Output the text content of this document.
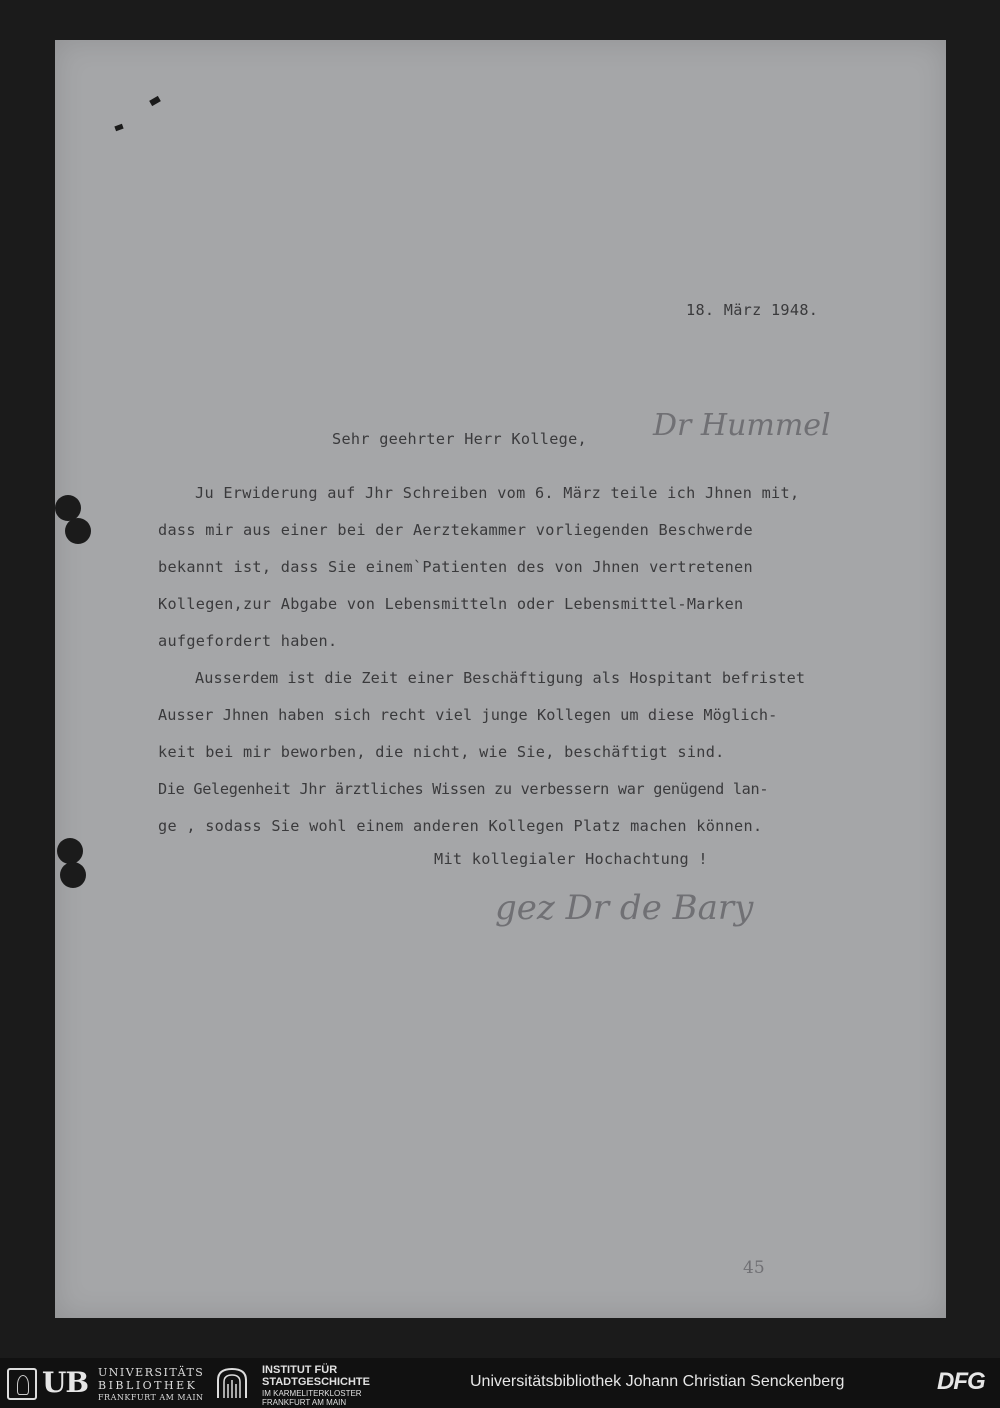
18. März 1948.
Sehr geehrter Herr Kollege, Dr Hummel
Ju Erwiderung auf Jhr Schreiben vom 6. März teile ich Jhnen mit,
dass mir aus einer bei der Aerztekammer vorliegenden Beschwerde
bekannt ist, dass Sie einem`Patienten des von Jhnen vertretenen
Kollegen,zur Abgabe von Lebensmitteln oder Lebensmittel-Marken
aufgefordert haben.
Ausserdem ist die Zeit einer Beschäftigung als Hospitant befristet
Ausser Jhnen haben sich recht viel junge Kollegen um diese Möglich-
keit bei mir beworben, die nicht, wie Sie, beschäftigt sind.
Die Gelegenheit Jhr ärztliches Wissen zu verbessern war genügend lan-
ge , sodass Sie wohl einem anderen Kollegen Platz machen können.
Mit kollegialer Hochachtung !
gez Dr de Bary
45
UB UNIVERSITÄTS
BIBLIOTHEK
FRANKFURT AM MAIN
INSTITUT FÜR
STADTGESCHICHTE
IM KARMELITERKLOSTER
FRANKFURT AM MAIN
Universitätsbibliothek Johann Christian Senckenberg	DFG
